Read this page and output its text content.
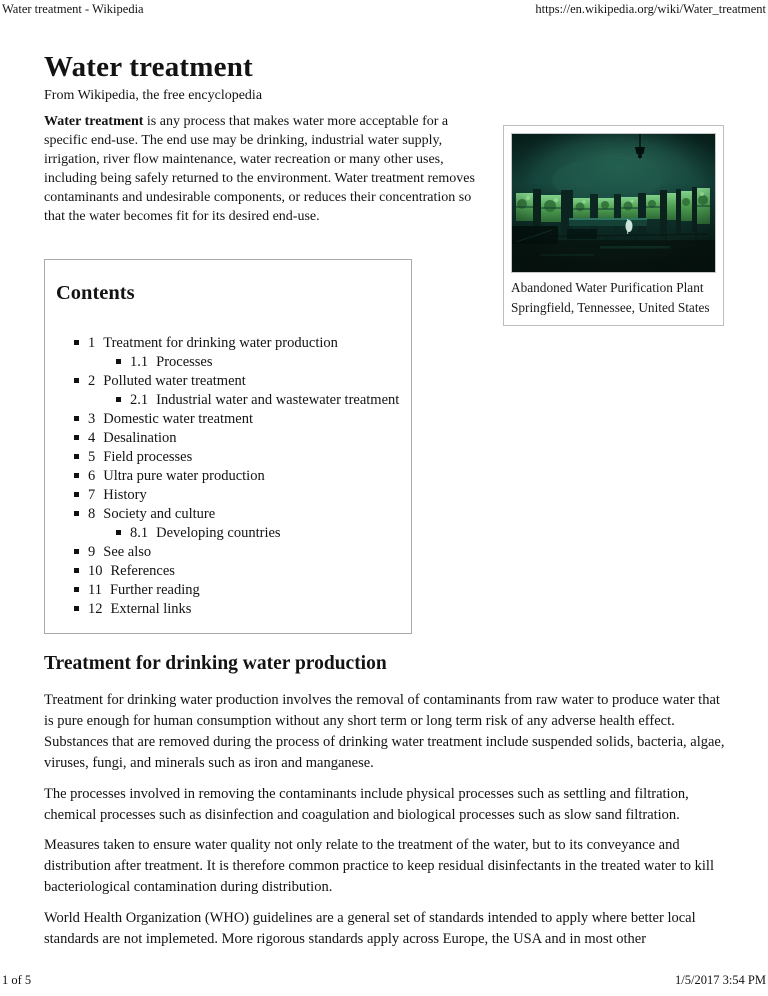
Water treatment - Wikipedia	https://en.wikipedia.org/wiki/Water_treatment
Water treatment
From Wikipedia, the free encyclopedia

Water treatment is any process that makes water more acceptable for a specific end-use. The end use may be drinking, industrial water supply, irrigation, river flow maintenance, water recreation or many other uses, including being safely returned to the environment. Water treatment removes contaminants and undesirable components, or reduces their concentration so that the water becomes fit for its desired end-use.

Abandoned Water Purification Plant
Springfield, Tennessee, United States
Contents
1 Treatment for drinking water production
1.1 Processes
2 Polluted water treatment
2.1 Industrial water and wastewater treatment
3 Domestic water treatment
4 Desalination
5 Field processes
6 Ultra pure water production
7 History
8 Society and culture
8.1 Developing countries
9 See also
10 References
11 Further reading
12 External links
Treatment for drinking water production

Treatment for drinking water production involves the removal of contaminants from raw water to produce water that is pure enough for human consumption without any short term or long term risk of any adverse health effect. Substances that are removed during the process of drinking water treatment include suspended solids, bacteria, algae, viruses, fungi, and minerals such as iron and manganese.

The processes involved in removing the contaminants include physical processes such as settling and filtration, chemical processes such as disinfection and coagulation and biological processes such as slow sand filtration.

Measures taken to ensure water quality not only relate to the treatment of the water, but to its conveyance and distribution after treatment. It is therefore common practice to keep residual disinfectants in the treated water to kill bacteriological contamination during distribution.

World Health Organization (WHO) guidelines are a general set of standards intended to apply where better local standards are not implemeted. More rigorous standards apply across Europe, the USA and in most other

1 of 5	1/5/2017 3:54 PM
